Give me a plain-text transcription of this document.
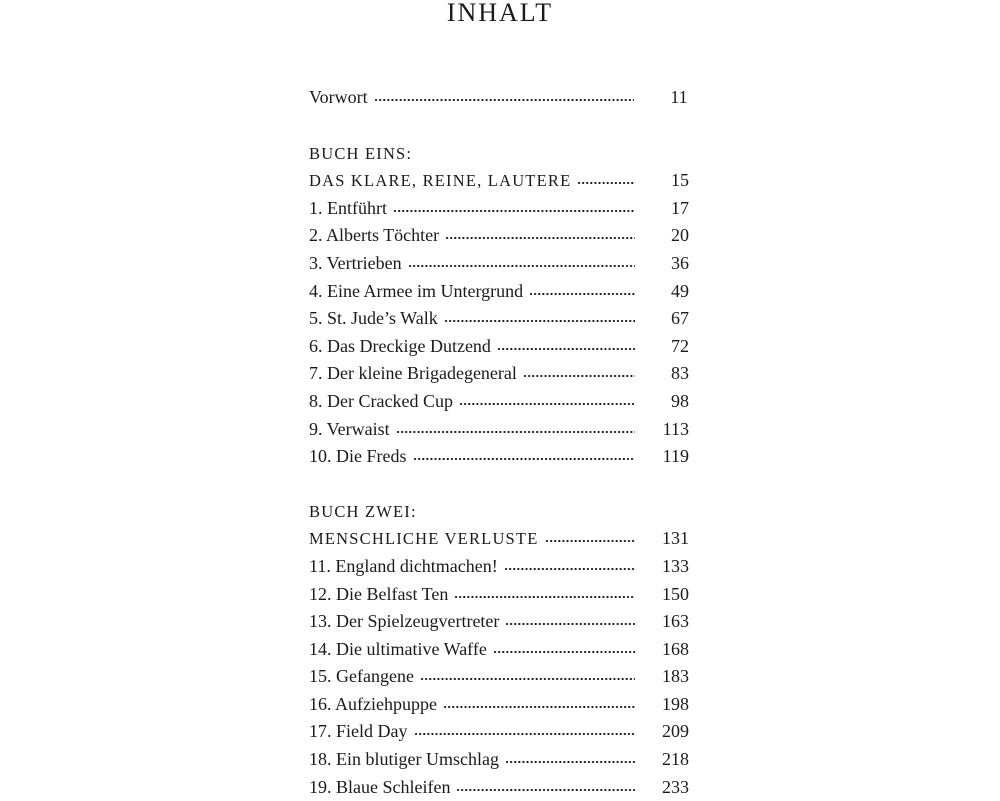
INHALT
Vorwort	11
BUCH EINS:
DAS KLARE, REINE, LAUTERE	15
1. Entführt	17
2. Alberts Töchter	20
3. Vertrieben	36
4. Eine Armee im Untergrund	49
5. St. Jude’s Walk	67
6. Das Dreckige Dutzend	72
7. Der kleine Brigadegeneral	83
8. Der Cracked Cup	98
9. Verwaist	113
10. Die Freds	119
BUCH ZWEI:
MENSCHLICHE VERLUSTE	131
11. England dichtmachen!	133
12. Die Belfast Ten	150
13. Der Spielzeugvertreter	163
14. Die ultimative Waffe	168
15. Gefangene	183
16. Aufziehpuppe	198
17. Field Day	209
18. Ein blutiger Umschlag	218
19. Blaue Schleifen	233
